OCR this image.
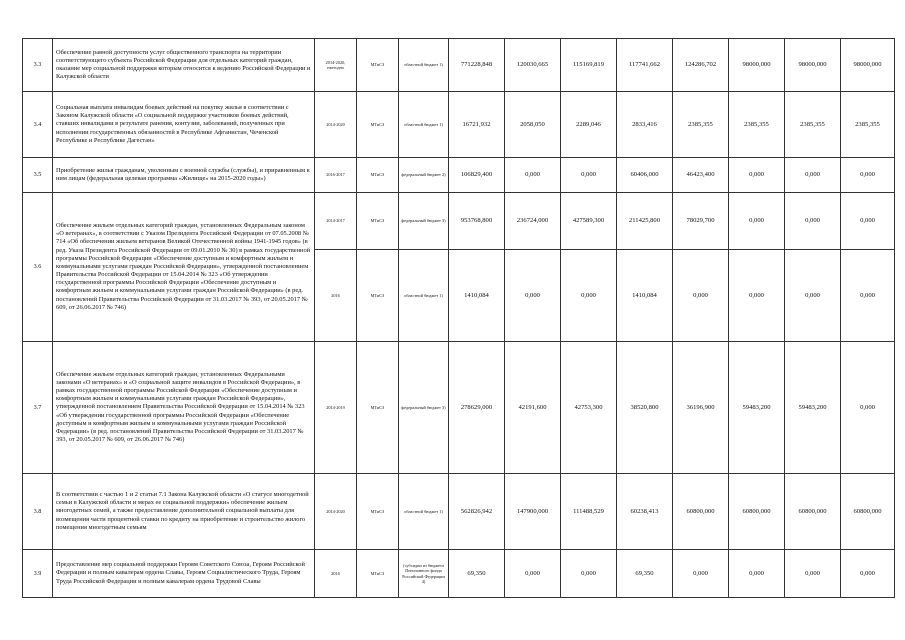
3.3	Обеспечение равной доступности услуг общественного транспорта на территории соответствующего субъекта Российской Федерации для отдельных категорий граждан, оказание мер социальной поддержки которым относится к ведению Российской Федерации и Калужской области	2014-2020, ежегодно	МТиСЗ	областной бюджет 1)	771228,848	120030,665	115169,819	117741,662	124286,702	98000,000	98000,000	98000,000
3.4	Социальная выплата инвалидам боевых действий на покупку жилья в соответствии с Законом Калужской области «О социальной поддержке участников боевых действий, ставших инвалидами в результате ранения, контузии, заболеваний, полученных при исполнении государственных обязанностей в Республике Афганистан, Чеченской Республике и Республике Дагестан»	2014-2020	МТиСЗ	областной бюджет 1)	16721,932	2058,050	2289,046	2833,416	2385,355	2385,355	2385,355	2385,355
3.5	Приобретение жилья гражданам, уволенным с военной службы (службы), и приравненным к ним лицам (федеральная целевая программа «Жилище» на 2015-2020 годы»)	2016-2017	МТиСЗ	федеральный бюджет 2)	106829,400	0,000	0,000	60406,000	46423,400	0,000	0,000	0,000
3.6	Обеспечение жильем отдельных категорий граждан, установленных Федеральным законом «О ветеранах», в соответствии с Указом Президента Российской Федерации от 07.05.2008 № 714 «Об обеспечении жильем ветеранов Великой Отечественной войны 1941-1945 годов» (в ред. Указа Президента Российской Федерации от 09.01.2010 № 30) в рамках государственной программы Российской Федерации «Обеспечение доступным и комфортным жильем и коммунальными услугами граждан Российской Федерации», утвержденной постановлением Правительства Российской Федерации от 15.04.2014 № 323 «Об утверждении государственной программы Российской Федерации «Обеспечение доступным и комфортным жильем и коммунальными услугами граждан Российской Федерации» (в ред. постановлений Правительства Российской Федерации от 31.03.2017 № 393, от 20.05.2017 № 609, от 26.06.2017 № 746)	2014-2017	МТиСЗ	федеральный бюджет 3)	953768,800	236724,000	427589,300	211425,800	78029,700	0,000	0,000	0,000
		2016	МТиСЗ	областной бюджет 1)	1410,084	0,000	0,000	1410,084	0,000	0,000	0,000	0,000
3.7	Обеспечение жильем отдельных категорий граждан, установленных Федеральными законами «О ветеранах» и «О социальной защите инвалидов в Российской Федерации», в рамках государственной программы Российской Федерации «Обеспечение доступным и комфортным жильем и коммунальными услугами граждан Российской Федерации», утвержденной постановлением Правительства Российской Федерации от 15.04.2014 № 323 «Об утверждении государственной программы Российской Федерации «Обеспечение доступным и комфортным жильем и коммунальными услугами граждан Российской Федерации» (в ред. постановлений Правительства Российской Федерации от 31.03.2017 № 393, от 20.05.2017 № 609, от 26.06.2017 № 746)	2014-2019	МТиСЗ	федеральный бюджет 3)	278629,000	42191,600	42753,300	38520,800	36196,900	59483,200	59483,200	0,000
3.8	В соответствии с частью 1 и 2 статьи 7.1 Закона Калужской области «О статусе многодетной семьи в Калужской области и мерах ее социальной поддержки» обеспечение жильем многодетных семей, а также предоставление дополнительной социальной выплаты для возмещения части процентной ставки по кредиту на приобретение и строительство жилого помещения многодетным семьям	2014-2020	МТиСЗ	областной бюджет 1)	562826,942	147900,000	111488,529	60238,413	60800,000	60800,000	60800,000	60800,000
3.9	Предоставление мер социальной поддержки Героям Советского Союза, Героям Российской Федерации и полным кавалерам ордена Славы, Героям Социалистического Труда, Героям Труда Российской Федерации и полным кавалерам ордена Трудовой Славы	2016	МТиСЗ	(субсидии из бюджета Пенсионного фонда Российской Федерации 4)	69,350	0,000	0,000	69,350	0,000	0,000	0,000	0,000
